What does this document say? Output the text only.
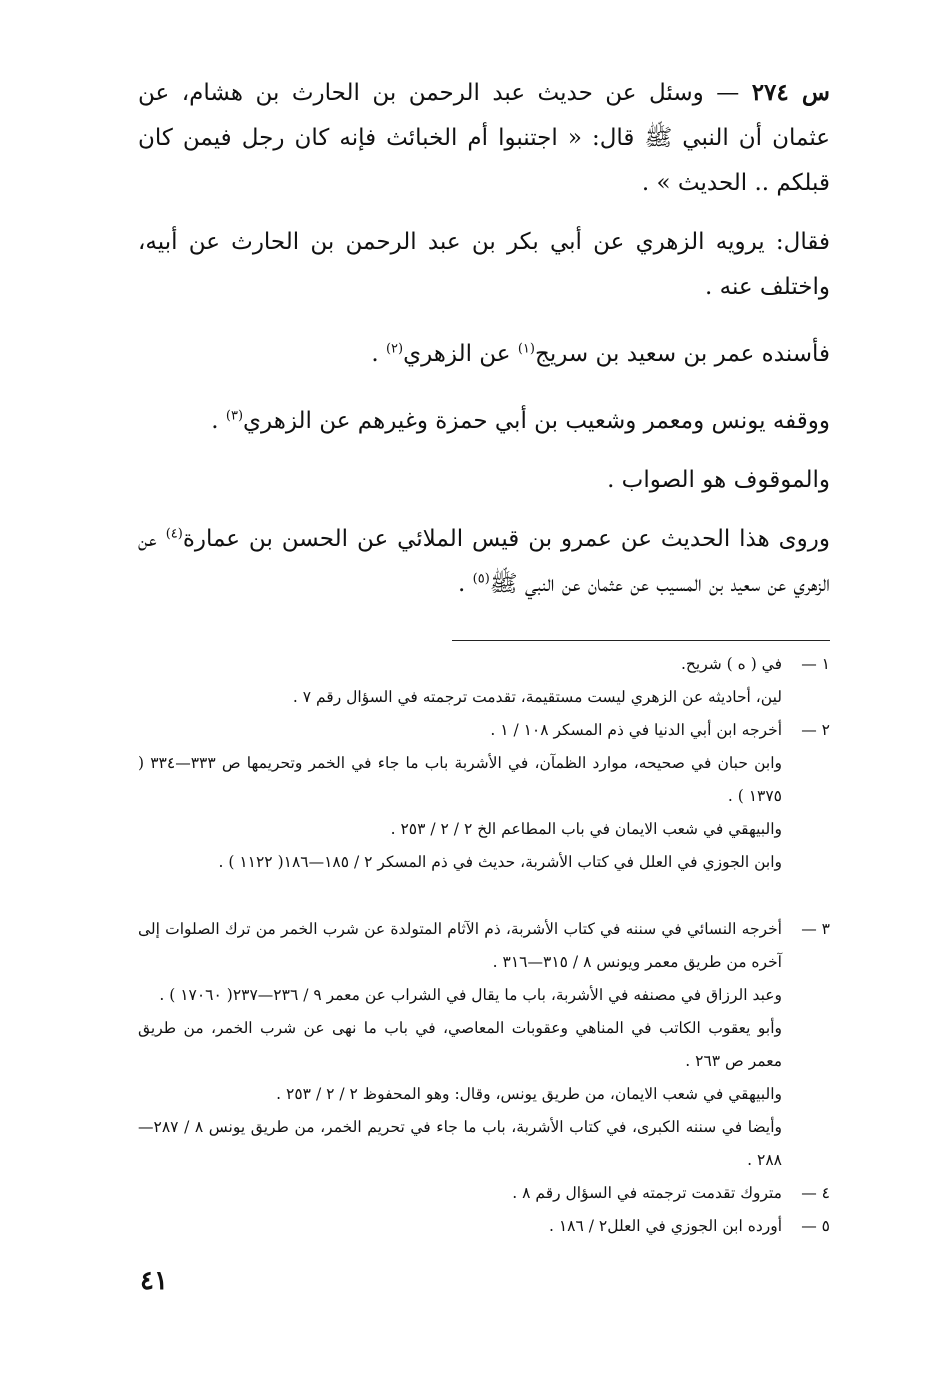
س ٢٧٤ — وسئل عن حديث عبد الرحمن بن الحارث بن هشام، عن عثمان أن النبي ﷺ قال: « اجتنبوا أم الخبائث فإنه كان رجل فيمن كان قبلكم .. الحديث » .

فقال: يرويه الزهري عن أبي بكر بن عبد الرحمن بن الحارث عن أبيه، واختلف عنه .

فأسنده عمر بن سعيد بن سريج$^{(١)}$ عن الزهري$^{(٢)}$ .

ووقفه يونس ومعمر وشعيب بن أبي حمزة وغيرهم عن الزهري$^{(٣)}$ .

والموقوف هو الصواب .

وروى هذا الحديث عن عمرو بن قيس الملائي عن الحسن بن عمارة$^{(٤)}$ عن الزهري عن سعيد بن المسيب عن عثمان عن النبي ﷺ$^{(٥)}$ .

١ —
في ( ه ) شريح.
لين، أحاديثه عن الزهري ليست مستقيمة، تقدمت ترجمته في السؤال رقم ٧ .
٢ —
أخرجه ابن أبي الدنيا في ذم المسكر ١٠٨ / ١ .
وابن حبان في صحيحه، موارد الظمآن، في الأشربة باب ما جاء في الخمر وتحريمها ص ٣٣٣—٣٣٤ ( ١٣٧٥ ) .
والبيهقي في شعب الايمان في باب المطاعم الخ ٢ / ٢ / ٢٥٣ .
وابن الجوزي في العلل في كتاب الأشربة، حديث في ذم المسكر ٢ / ١٨٥—١٨٦( ١١٢٢ ) .
٣ —
أخرجه النسائي في سننه في كتاب الأشربة، ذم الآثام المتولدة عن شرب الخمر من ترك الصلوات إلى آخره من طريق معمر ويونس ٨ / ٣١٥—٣١٦ .
وعبد الرزاق في مصنفه في الأشربة، باب ما يقال في الشراب عن معمر ٩ / ٢٣٦—٢٣٧( ١٧٠٦٠ ) .
وأبو يعقوب الكاتب في المناهي وعقوبات المعاصي، في باب ما نهى عن شرب الخمر، من طريق معمر ص ٢٦٣ .
والبيهقي في شعب الايمان، من طريق يونس، وقال: وهو المحفوظ ٢ / ٢ / ٢٥٣ .
وأيضا في سننه الكبرى، في كتاب الأشربة، باب ما جاء في تحريم الخمر، من طريق يونس ٨ / ٢٨٧—٢٨٨ .
٤ —
متروك تقدمت ترجمته في السؤال رقم ٨ .
٥ —
أورده ابن الجوزي في العلل٢ / ١٨٦ .
٤١
